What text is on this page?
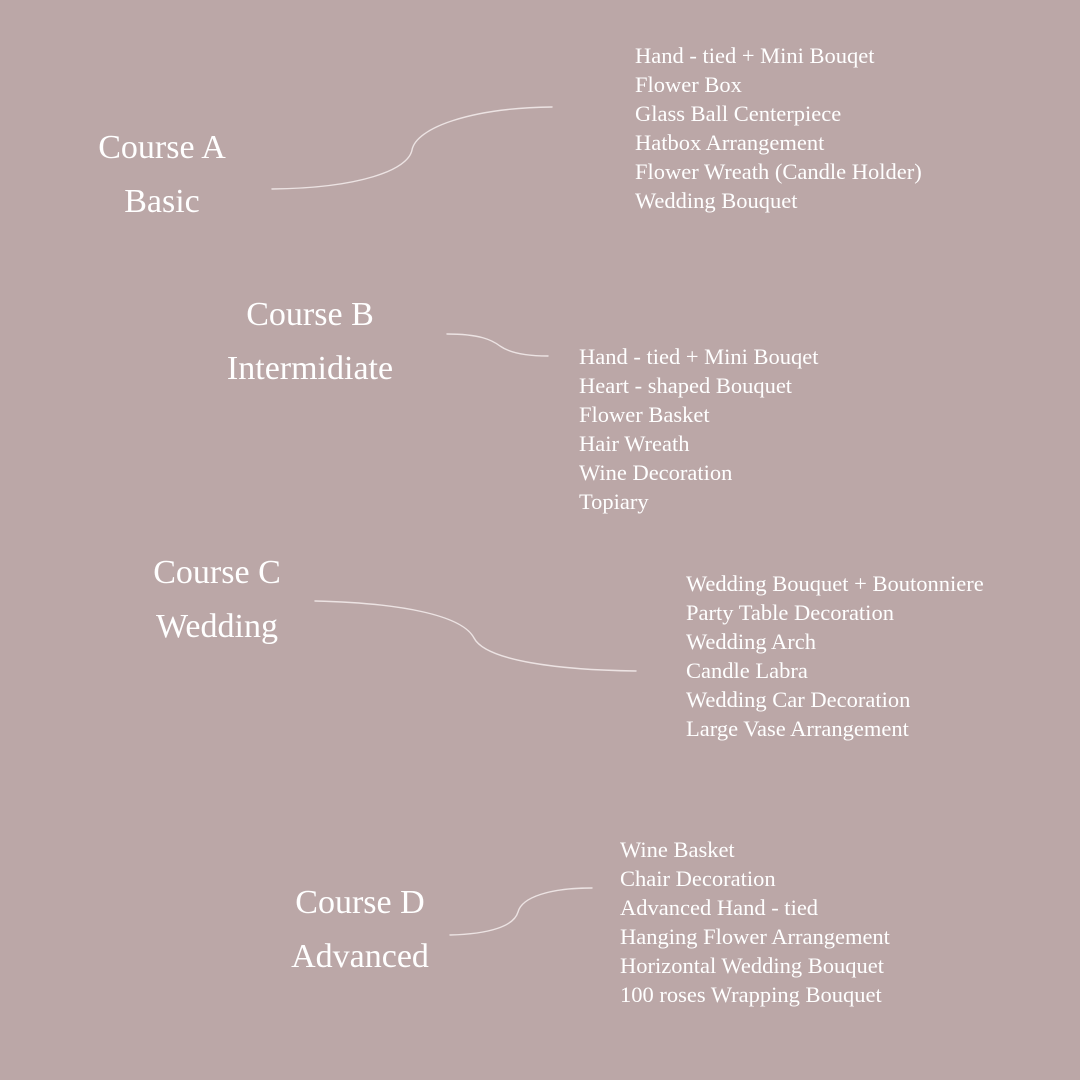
Course A
Basic
Hand - tied + Mini Bouqet
Flower Box
Glass Ball Centerpiece
Hatbox Arrangement
Flower Wreath (Candle Holder)
Wedding Bouquet
Course B
Intermidiate	Hand - tied + Mini Bouqet
Heart - shaped Bouquet
Flower Basket
Hair Wreath
Wine Decoration
Topiary
Course C
Wedding
Wedding Bouquet + Boutonniere
Party Table Decoration
Wedding Arch
Candle Labra
Wedding Car Decoration
Large Vase Arrangement
Course D
Advanced
Wine Basket
Chair Decoration
Advanced Hand - tied
Hanging Flower Arrangement
Horizontal Wedding Bouquet
100 roses Wrapping Bouquet
